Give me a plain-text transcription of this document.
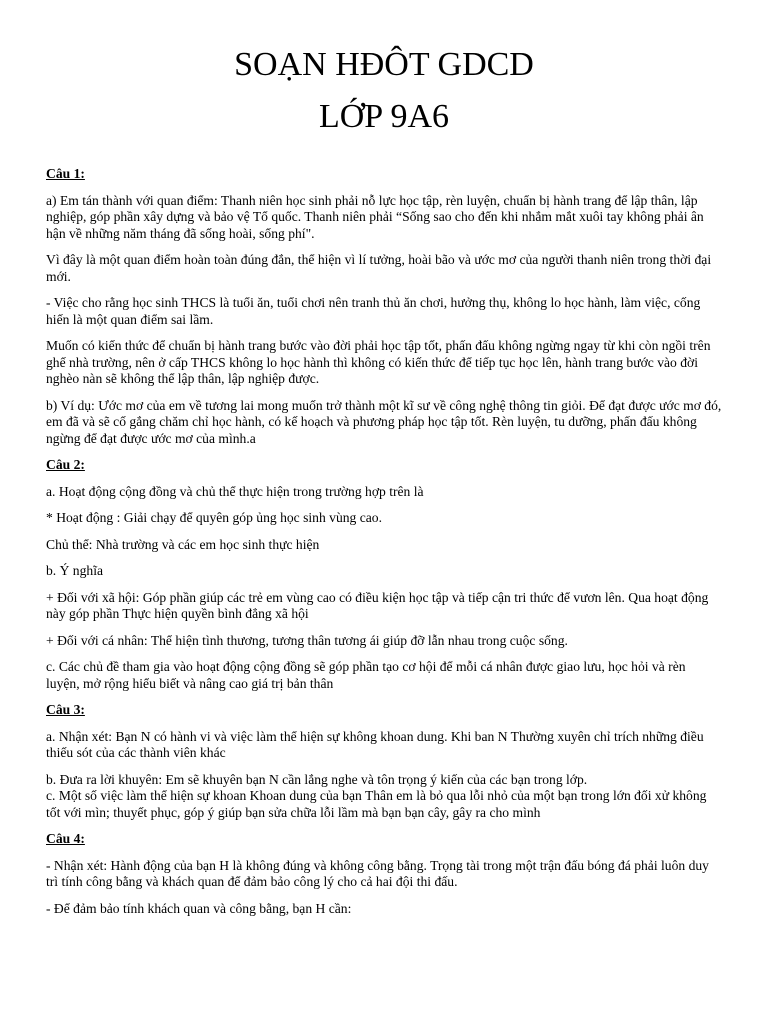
SOẠN HĐÔT GDCD
LỚP 9A6

Câu 1:

a) Em tán thành với quan điểm: Thanh niên học sinh phải nỗ lực học tập, rèn luyện, chuẩn bị hành trang để lập thân, lập nghiệp, góp phần xây dựng và bảo vệ Tổ quốc. Thanh niên phải “Sống sao cho đến khi nhắm mắt xuôi tay không phải ân hận về những năm tháng đã sống hoài, sống phí".

Vì đây là một quan điểm hoàn toàn đúng đắn, thể hiện vì lí tưởng, hoài bão và ước mơ của người thanh niên trong thời đại mới.

- Việc cho rằng học sinh THCS là tuổi ăn, tuổi chơi nên tranh thủ ăn chơi, hưởng thụ, không lo học hành, làm việc, cống hiến là một quan điểm sai lầm.

Muốn có kiến thức để chuẩn bị hành trang bước vào đời phải học tập tốt, phấn đấu không ngừng ngay từ khi còn ngồi trên ghế nhà trường, nên ở cấp THCS không lo học hành thì không có kiến thức để tiếp tục học lên, hành trang bước vào đời nghèo nàn sẽ không thể lập thân, lập nghiệp được.

b) Ví dụ: Ước mơ của em về tương lai mong muốn trở thành một kĩ sư về công nghệ thông tin giỏi. Để đạt được ước mơ đó, em đã và sẽ cố gắng chăm chỉ học hành, có kế hoạch và phương pháp học tập tốt. Rèn luyện, tu dưỡng, phấn đấu không ngừng để đạt được ước mơ của mình.a

Câu 2:

a. Hoạt động cộng đồng và chủ thể thực hiện trong trường hợp trên là

* Hoạt động : Giải chạy để quyên góp ủng học sinh vùng cao.

Chủ thể: Nhà trường và các em học sinh thực hiện

b. Ý nghĩa

+ Đối với xã hội: Góp phần giúp các trẻ em vùng cao có điều kiện học tập và tiếp cận tri thức để vươn lên. Qua hoạt động này góp phần Thực hiện quyền bình đẳng xã hội

+ Đối với cá nhân: Thể hiện tình thương, tương thân tương ái giúp đỡ lẫn nhau trong cuộc sống.

c. Các chủ đề tham gia vào hoạt động cộng đồng sẽ góp phần tạo cơ hội để mỗi cá nhân được giao lưu, học hỏi và rèn luyện, mở rộng hiểu biết và nâng cao giá trị bản thân

Câu 3:

a. Nhận xét: Bạn N có hành vi và việc làm thể hiện sự không khoan dung. Khi ban N Thường xuyên chỉ trích những điều thiếu sót của các thành viên khác

b. Đưa ra lời khuyên: Em sẽ khuyên bạn N cần lắng nghe và tôn trọng ý kiến của các bạn trong lớp.

c. Một số việc làm thể hiện sự khoan Khoan dung của bạn Thân em là bỏ qua lỗi nhỏ của một bạn trong lớn đối xử không tốt với mìn; thuyết phục, góp ý giúp bạn sửa chữa lỗi lầm mà bạn bạn cây, gây ra cho mình

Câu 4:

- Nhận xét: Hành động của bạn H là không đúng và không công bằng. Trọng tài trong một trận đấu bóng đá phải luôn duy trì tính công bằng và khách quan để đảm bảo công lý cho cả hai đội thi đấu.

- Để đảm bảo tính khách quan và công bằng, bạn H cần:
